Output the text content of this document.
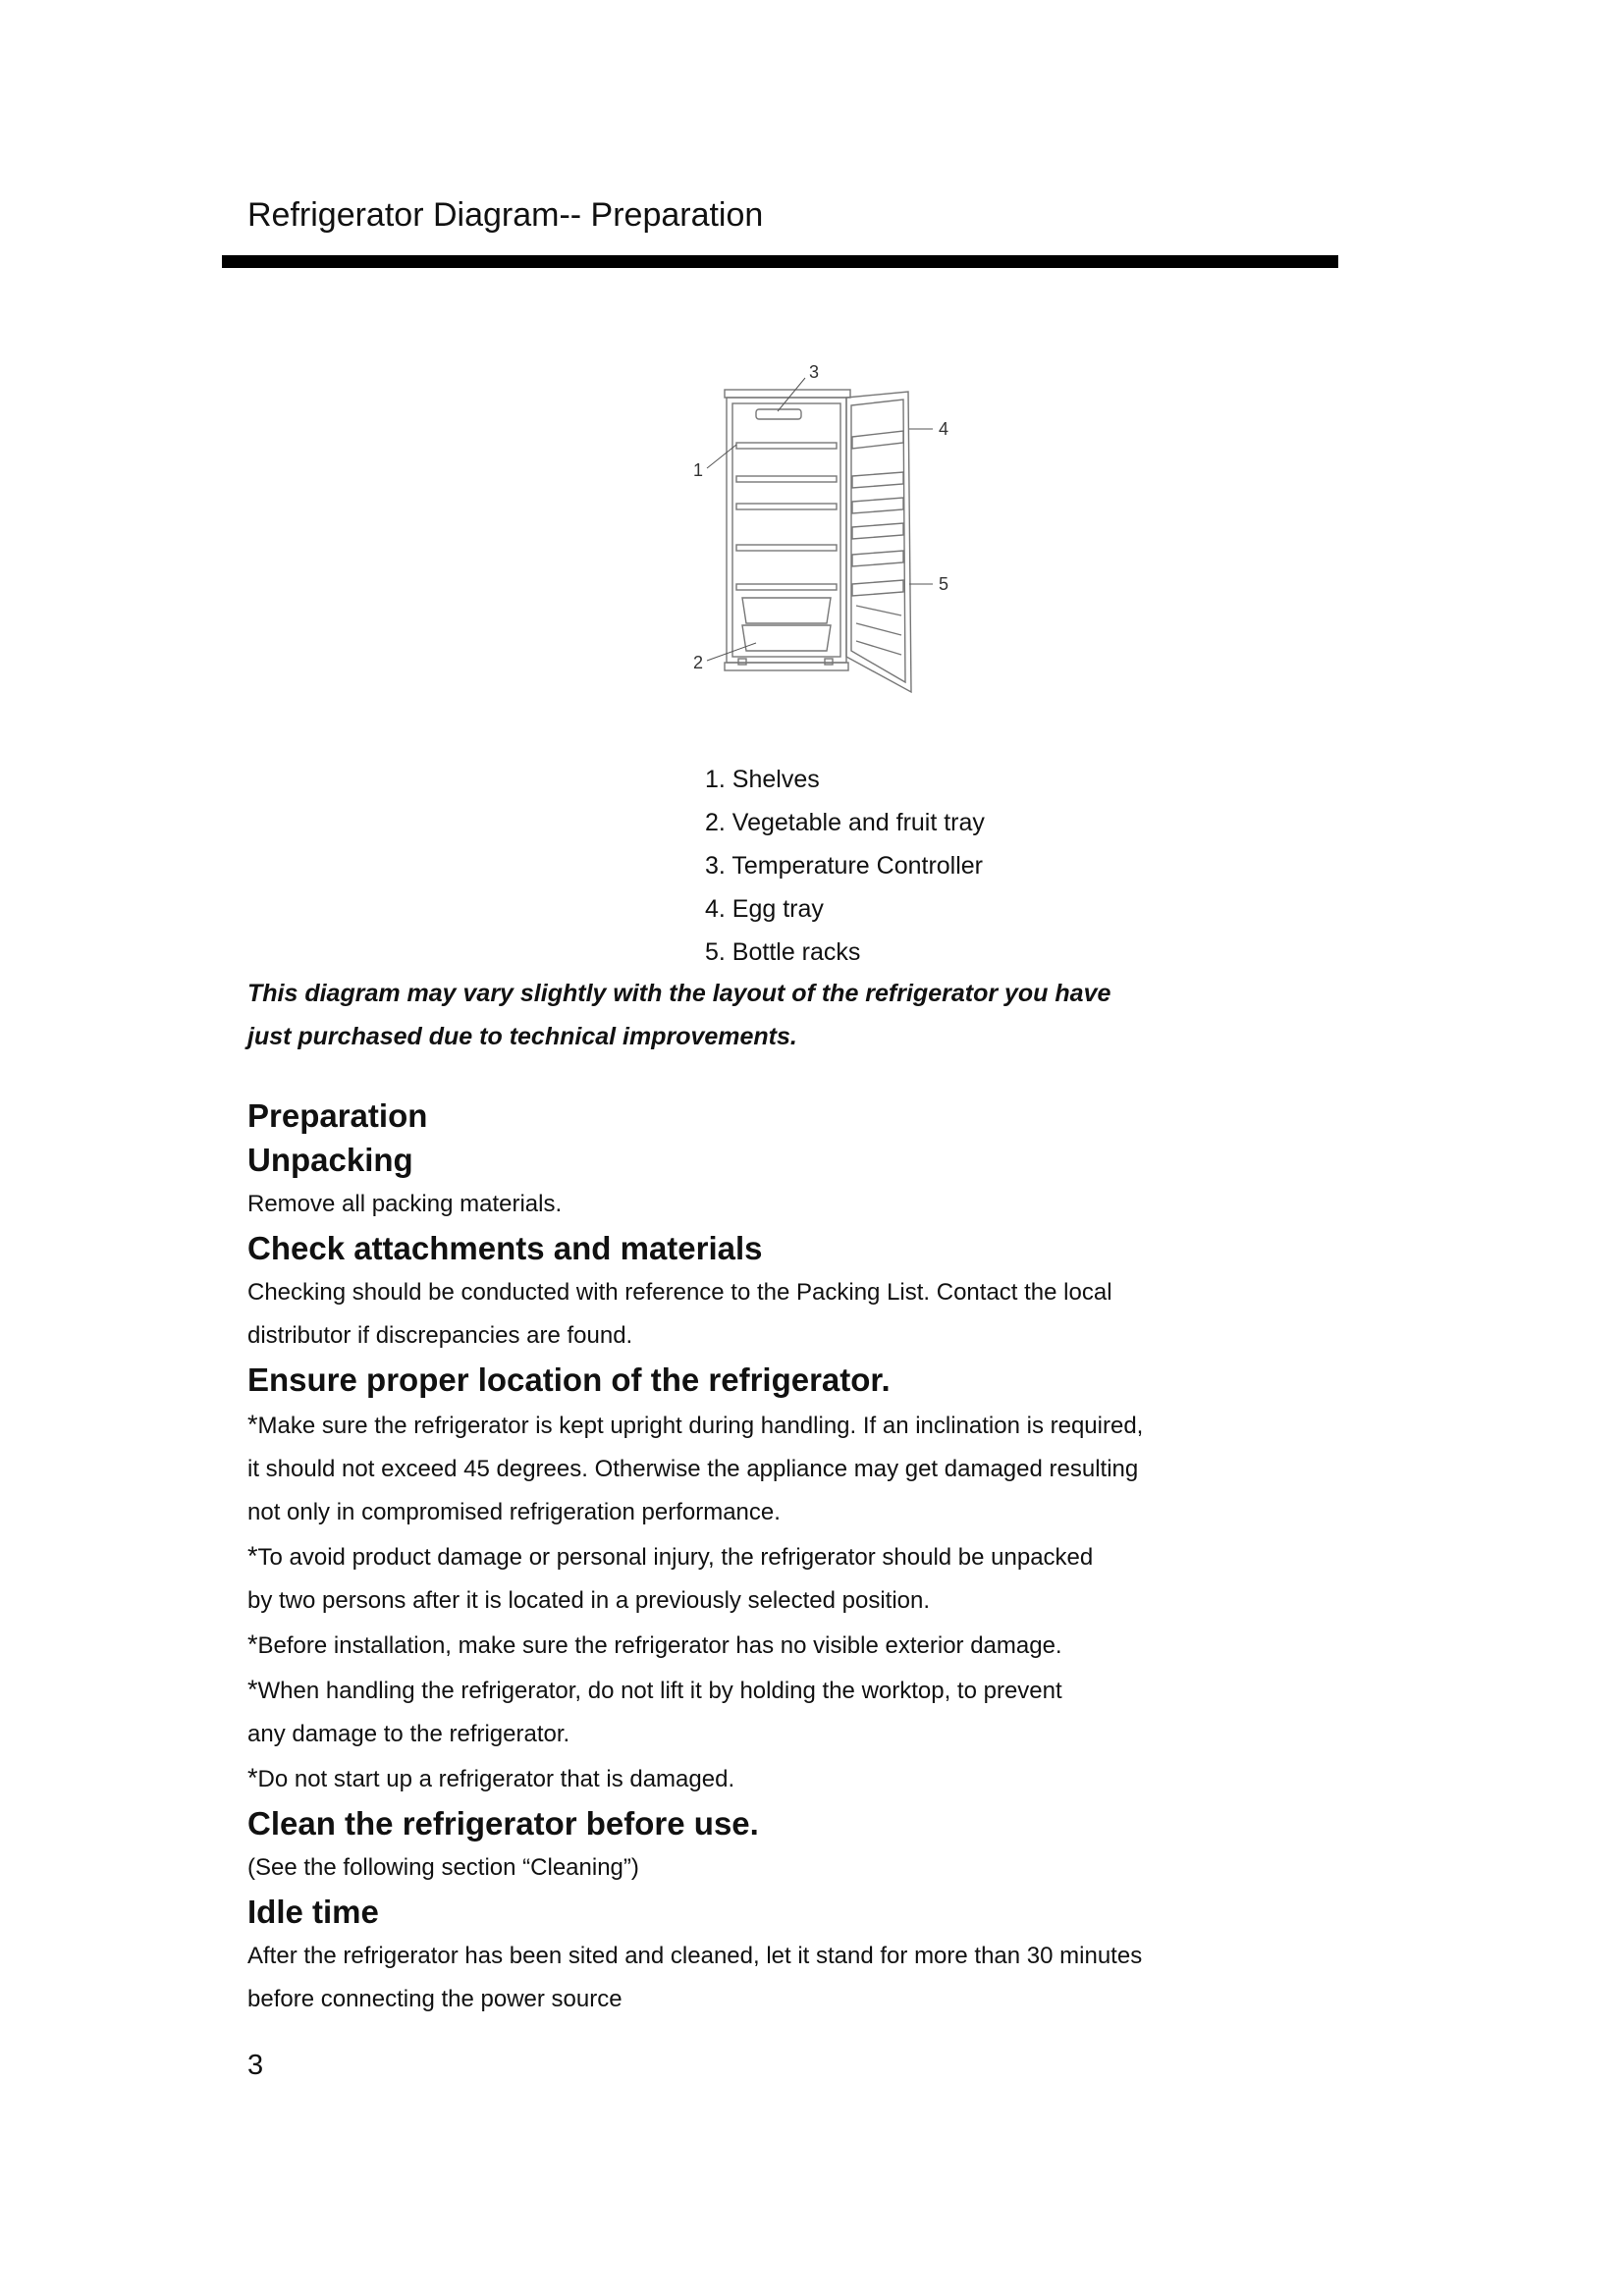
Refrigerator Diagram-- Preparation
3
4
1
5
2
1. Shelves
2. Vegetable and fruit tray
3. Temperature Controller
4. Egg tray
5. Bottle racks
This diagram may vary slightly with the layout of the refrigerator you have
just purchased due to technical improvements.
Preparation
Unpacking
Remove all packing materials.
Check attachments and materials
Checking should be conducted with reference to the Packing List. Contact the local
distributor if discrepancies are found.
Ensure proper location of the refrigerator.
*Make sure the refrigerator is kept upright during handling. If an inclination is required,
it should not exceed 45 degrees. Otherwise the appliance may get damaged resulting
not only in compromised refrigeration performance.
*To avoid product damage or personal injury, the refrigerator should be unpacked
by two persons after it is located in a previously selected position.
*Before installation, make sure the refrigerator has no visible exterior damage.
*When handling the refrigerator, do not lift it by holding the worktop, to prevent
any damage to the refrigerator.
*Do not start up a refrigerator that is damaged.
Clean the refrigerator before use.
(See the following section “Cleaning”)
Idle time
After the refrigerator has been sited and cleaned, let it stand for more than 30 minutes
before connecting the power source
3
